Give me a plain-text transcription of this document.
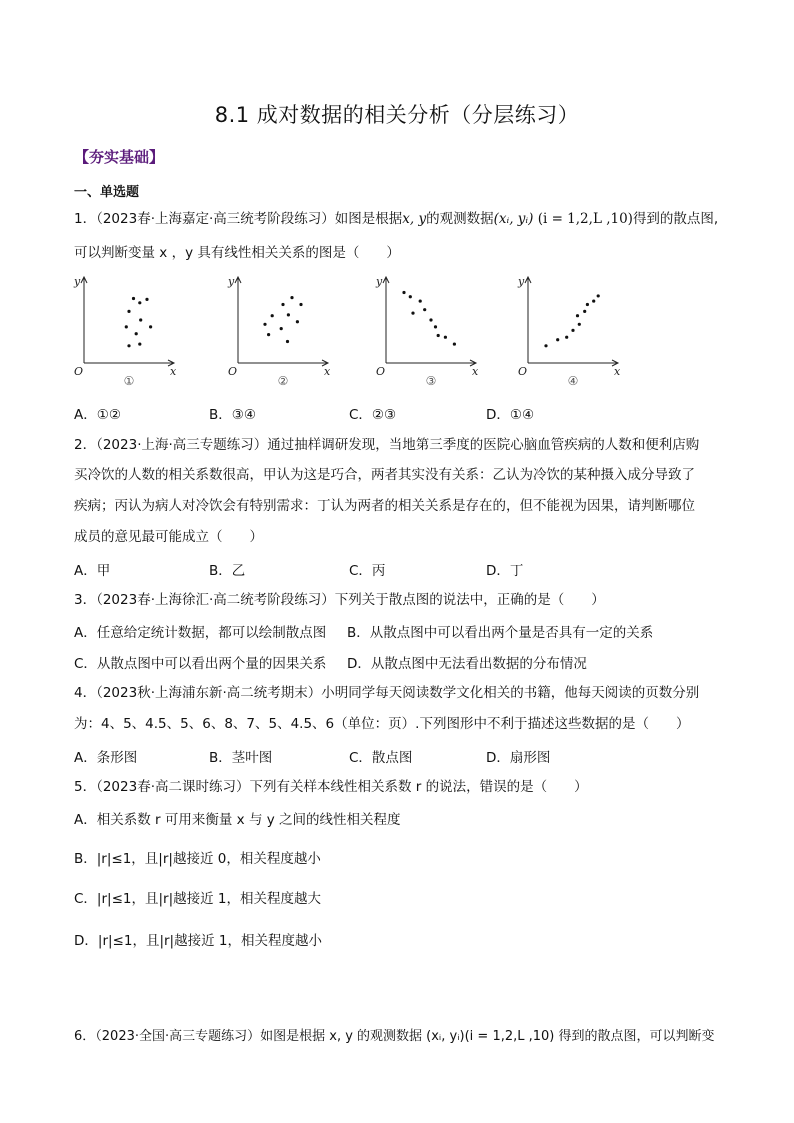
8.1 成对数据的相关分析（分层练习）
【夯实基础】
一、单选题
1．（2023春·上海嘉定·高三统考阶段练习）如图是根据x, y的观测数据(xᵢ, yᵢ) (i = 1,2,L ,10)得到的散点图,
可以判断变量 x ，y 具有线性相关关系的图是（　　）
y
x
O
①
y
x
O
②
y
x
O
③
y
x
O
④
A．①②	B．③④	C．②③	D．①④
2．（2023·上海·高三专题练习）通过抽样调研发现，当地第三季度的医院心脑血管疾病的人数和便利店购
买冷饮的人数的相关系数很高，甲认为这是巧合，两者其实没有关系：乙认为冷饮的某种摄入成分导致了
疾病；丙认为病人对冷饮会有特别需求：丁认为两者的相关关系是存在的，但不能视为因果，请判断哪位
成员的意见最可能成立（　　）
A．甲	B．乙	C．丙	D．丁
3．（2023春·上海徐汇·高二统考阶段练习）下列关于散点图的说法中，正确的是（　　）
A．任意给定统计数据，都可以绘制散点图 B．从散点图中可以看出两个量是否具有一定的关系
C．从散点图中可以看出两个量的因果关系 D．从散点图中无法看出数据的分布情况
4．（2023秋·上海浦东新·高二统考期末）小明同学每天阅读数学文化相关的书籍，他每天阅读的页数分别
为：4、5、4.5、5、6、8、7、5、4.5、6（单位：页）.下列图形中不利于描述这些数据的是（　　）
A．条形图	B．茎叶图	C．散点图	D．扇形图
5．（2023春·高二课时练习）下列有关样本线性相关系数 r 的说法，错误的是（　　）
A．相关系数 r 可用来衡量 x 与 y 之间的线性相关程度
B．|r|≤1，且|r|越接近 0，相关程度越小
C．|r|≤1，且|r|越接近 1，相关程度越大
D．|r|≤1，且|r|越接近 1，相关程度越小
6．（2023·全国·高三专题练习）如图是根据 x, y 的观测数据 (xᵢ, yᵢ)(i = 1,2,L ,10) 得到的散点图，可以判断变
